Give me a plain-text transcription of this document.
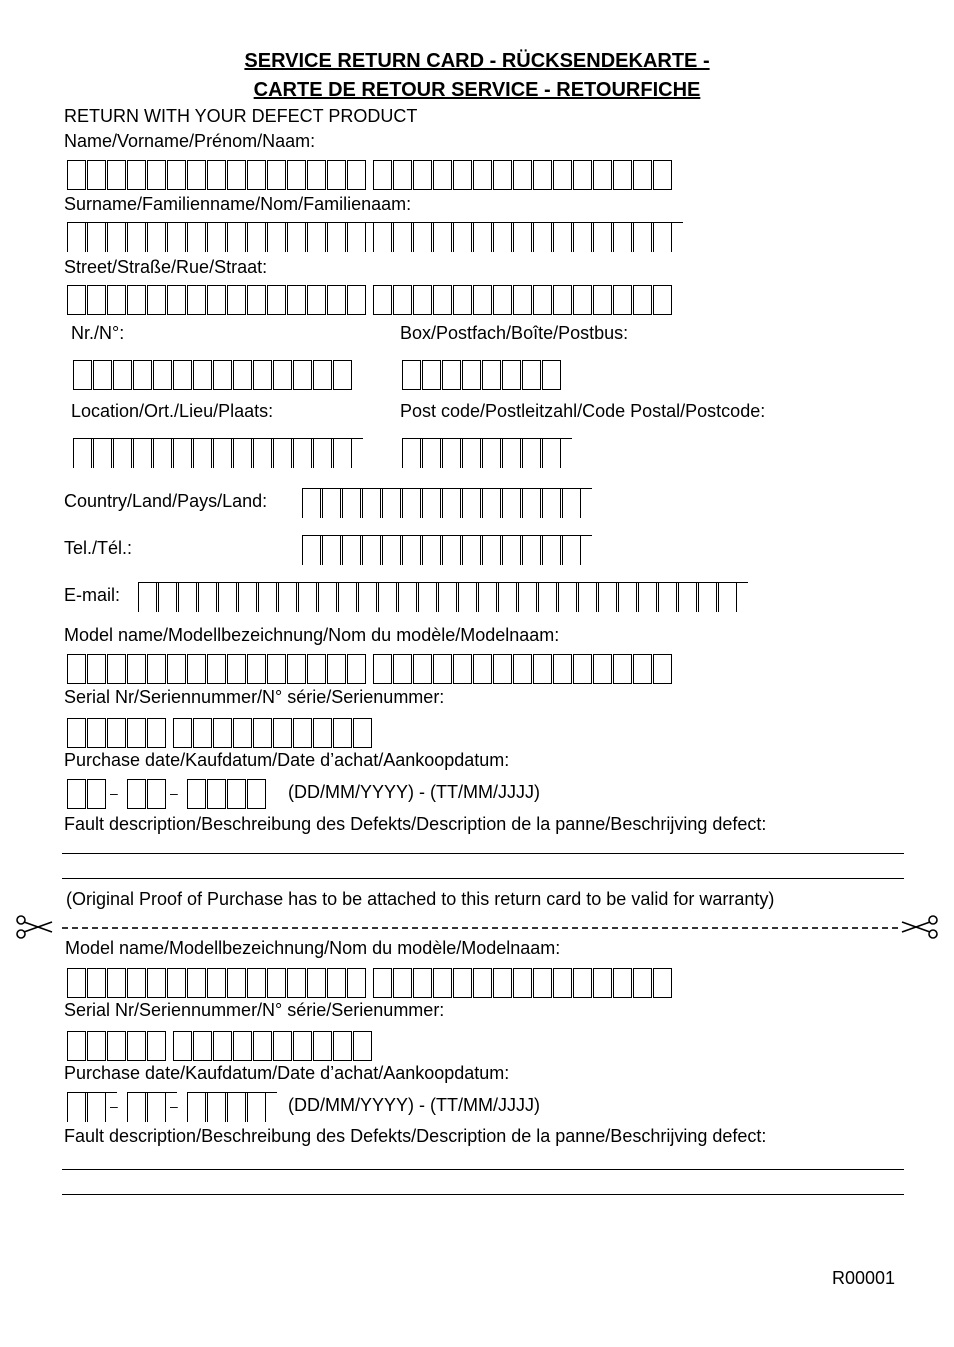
SERVICE RETURN CARD - RÜCKSENDEKARTE -
CARTE DE RETOUR SERVICE - RETOURFICHE
RETURN WITH YOUR DEFECT PRODUCT
Name/Vorname/Prénom/Naam:
Surname/Familienname/Nom/Familienaam:
Street/Straße/Rue/Straat:
Nr./N°:	Box/Postfach/Boîte/Postbus:
Location/Ort./Lieu/Plaats:	Post code/Postleitzahl/Code Postal/Postcode:
Country/Land/Pays/Land:
Tel./Tél.:
E-mail:
Model name/Modellbezeichnung/Nom du modèle/Modelnaam:
Serial Nr/Seriennummer/N° série/Serienummer:
Purchase date/Kaufdatum/Date d’achat/Aankoopdatum:
–	–	(DD/MM/YYYY) - (TT/MM/JJJJ)
Fault description/Beschreibung des Defekts/Description de la panne/Beschrijving defect:
(Original Proof of Purchase has to be attached to this return card to be valid for warranty)
Model name/Modellbezeichnung/Nom du modèle/Modelnaam:
Serial Nr/Seriennummer/N° série/Serienummer:
Purchase date/Kaufdatum/Date d’achat/Aankoopdatum:
–	–	(DD/MM/YYYY) - (TT/MM/JJJJ)
Fault description/Beschreibung des Defekts/Description de la panne/Beschrijving defect:
R00001
